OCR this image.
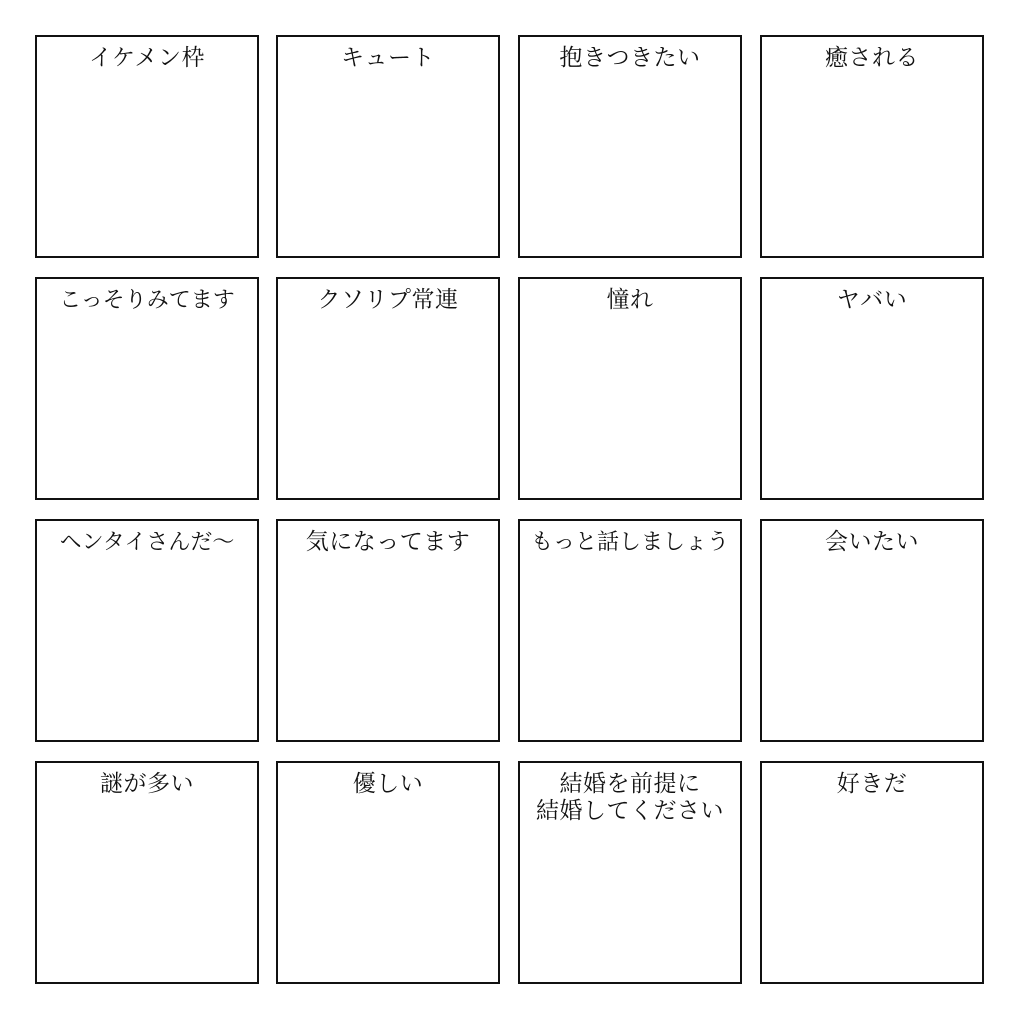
イケメン枠	キュート	抱きつきたい	癒される
こっそりみてます	クソリプ常連	憧れ	ヤバい
ヘンタイさんだ～	気になってます	もっと話しましょう	会いたい
謎が多い	優しい	結婚を前提に
結婚してください
好きだ
